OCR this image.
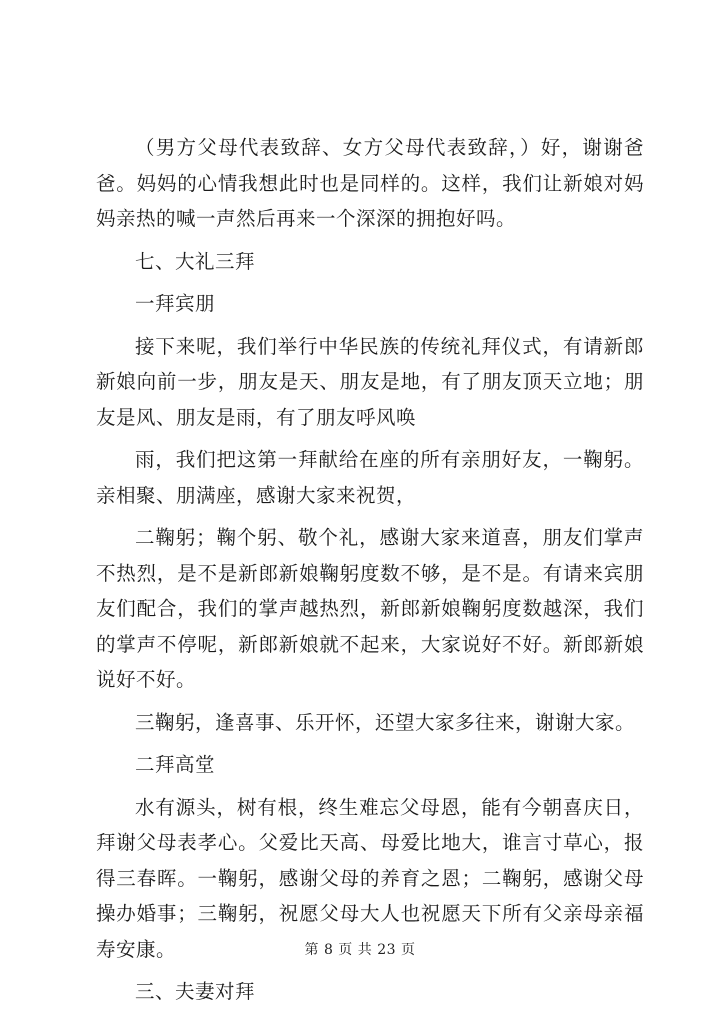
（男方父母代表致辞、女方父母代表致辞，）好，谢谢爸爸。妈妈的心情我想此时也是同样的。这样，我们让新娘对妈妈亲热的喊一声然后再来一个深深的拥抱好吗。

七、大礼三拜

一拜宾朋

接下来呢，我们举行中华民族的传统礼拜仪式，有请新郎新娘向前一步，朋友是天、朋友是地，有了朋友顶天立地；朋友是风、朋友是雨，有了朋友呼风唤

雨，我们把这第一拜献给在座的所有亲朋好友，一鞠躬。亲相聚、朋满座，感谢大家来祝贺，

二鞠躬；鞠个躬、敬个礼，感谢大家来道喜，朋友们掌声不热烈，是不是新郎新娘鞠躬度数不够，是不是。有请来宾朋友们配合，我们的掌声越热烈，新郎新娘鞠躬度数越深，我们的掌声不停呢，新郎新娘就不起来，大家说好不好。新郎新娘说好不好。

三鞠躬，逢喜事、乐开怀，还望大家多往来，谢谢大家。

二拜高堂

水有源头，树有根，终生难忘父母恩，能有今朝喜庆日，拜谢父母表孝心。父爱比天高、母爱比地大，谁言寸草心，报得三春晖。一鞠躬，感谢父母的养育之恩；二鞠躬，感谢父母操办婚事；三鞠躬，祝愿父母大人也祝愿天下所有父亲母亲福寿安康。

三、夫妻对拜

第 8 页 共 23 页
